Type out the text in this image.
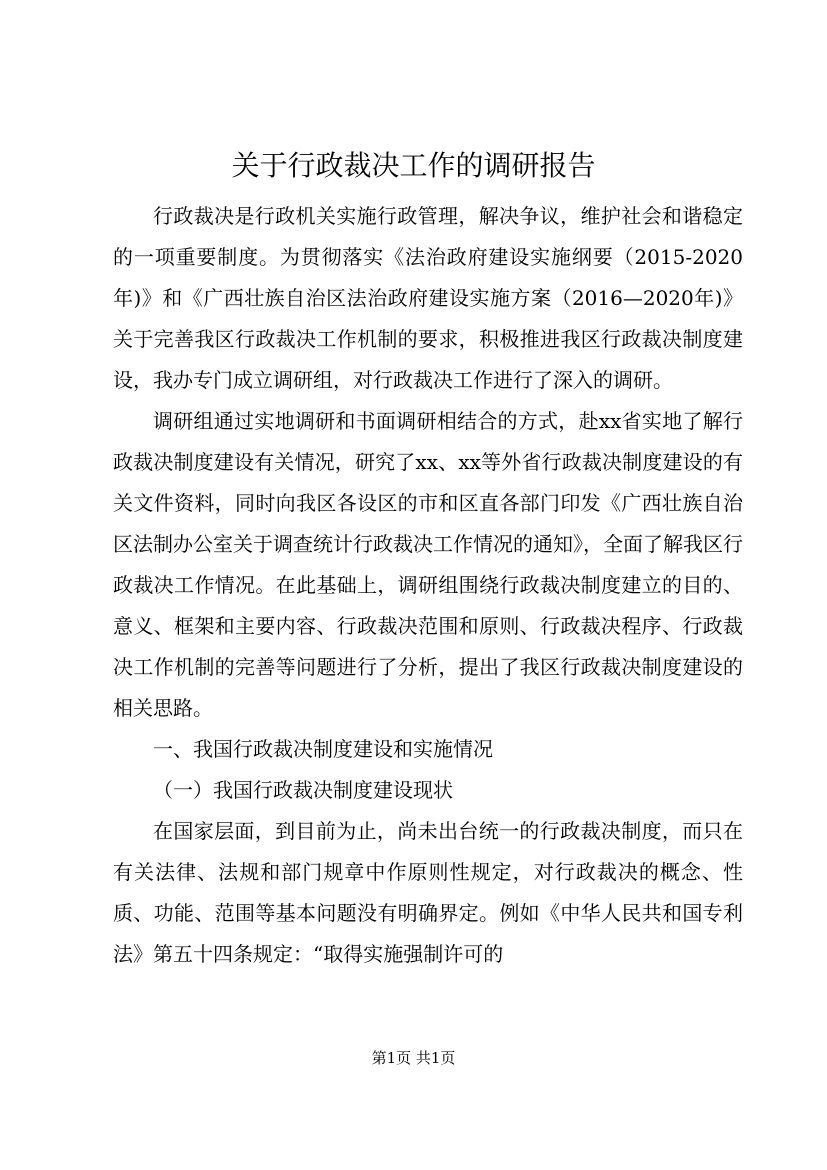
关于行政裁决工作的调研报告

行政裁决是行政机关实施行政管理，解决争议，维护社会和谐稳定的一项重要制度。为贯彻落实《法治政府建设实施纲要（2015-2020年)》和《广西壮族自治区法治政府建设实施方案（2016—2020年)》关于完善我区行政裁决工作机制的要求，积极推进我区行政裁决制度建设，我办专门成立调研组，对行政裁决工作进行了深入的调研。

调研组通过实地调研和书面调研相结合的方式，赴xx省实地了解行政裁决制度建设有关情况，研究了xx、xx等外省行政裁决制度建设的有关文件资料，同时向我区各设区的市和区直各部门印发《广西壮族自治区法制办公室关于调查统计行政裁决工作情况的通知》，全面了解我区行政裁决工作情况。在此基础上，调研组围绕行政裁决制度建立的目的、意义、框架和主要内容、行政裁决范围和原则、行政裁决程序、行政裁决工作机制的完善等问题进行了分析，提出了我区行政裁决制度建设的相关思路。

一、我国行政裁决制度建设和实施情况

（一）我国行政裁决制度建设现状

在国家层面，到目前为止，尚未出台统一的行政裁决制度，而只在有关法律、法规和部门规章中作原则性规定，对行政裁决的概念、性质、功能、范围等基本问题没有明确界定。例如《中华人民共和国专利法》第五十四条规定：“取得实施强制许可的

第1页 共1页
